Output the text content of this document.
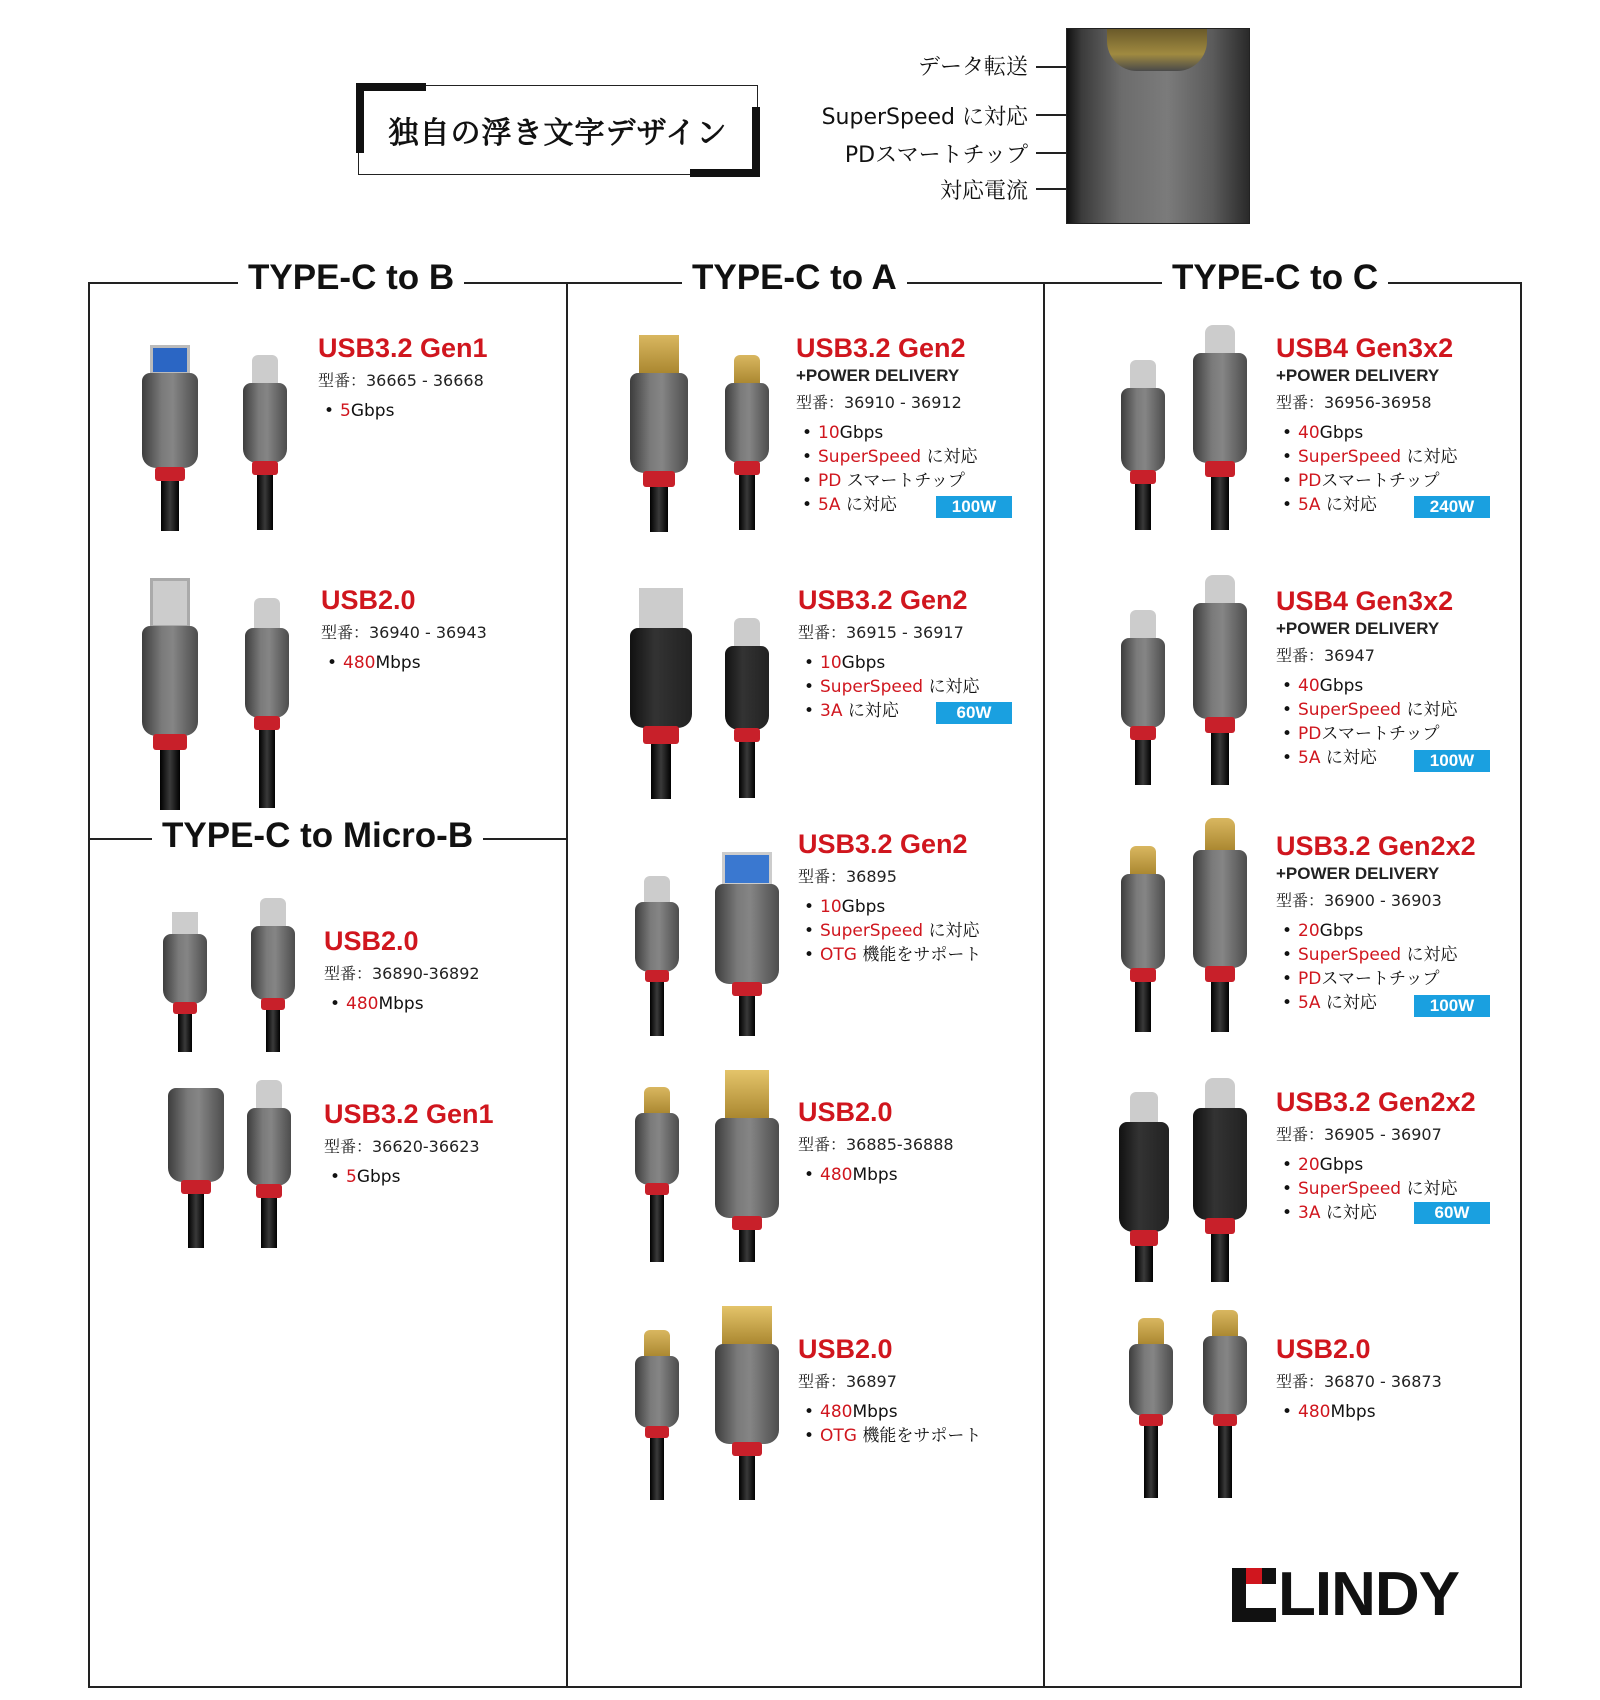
独自の浮き文字デザイン
データ転送
SuperSpeed に対応
PDスマートチップ
対応電流
TYPE-C to B	TYPE-C to A	TYPE-C to C
TYPE-C to Micro-B
USB3.2 Gen1
型番：36665 - 36668
• 5Gbps
USB2.0
型番：36940 - 36943
• 480Mbps
USB2.0
型番：36890-36892
• 480Mbps
USB3.2 Gen1
型番：36620-36623
• 5Gbps
USB3.2 Gen2
+POWER DELIVERY
型番：36910 - 36912
• 10Gbps
• SuperSpeed に対応
• PD スマートチップ
• 5A に対応	100W
USB3.2 Gen2
型番：36915 - 36917
• 10Gbps
• SuperSpeed に対応
• 3A に対応	60W
USB3.2 Gen2
型番：36895
• 10Gbps
• SuperSpeed に対応
• OTG 機能をサポート
USB2.0
型番：36885-36888
• 480Mbps
USB2.0
型番：36897
• 480Mbps
• OTG 機能をサポート
USB4 Gen3x2
+POWER DELIVERY
型番：36956-36958
• 40Gbps
• SuperSpeed に対応
• PDスマートチップ
• 5A に対応	240W
USB4 Gen3x2
+POWER DELIVERY
型番：36947
• 40Gbps
• SuperSpeed に対応
• PDスマートチップ
• 5A に対応	100W
USB3.2 Gen2x2
+POWER DELIVERY
型番：36900 - 36903
• 20Gbps
• SuperSpeed に対応
• PDスマートチップ
• 5A に対応	100W
USB3.2 Gen2x2
型番：36905 - 36907
• 20Gbps
• SuperSpeed に対応
• 3A に対応	60W
USB2.0
型番：36870 - 36873
• 480Mbps
LINDY
